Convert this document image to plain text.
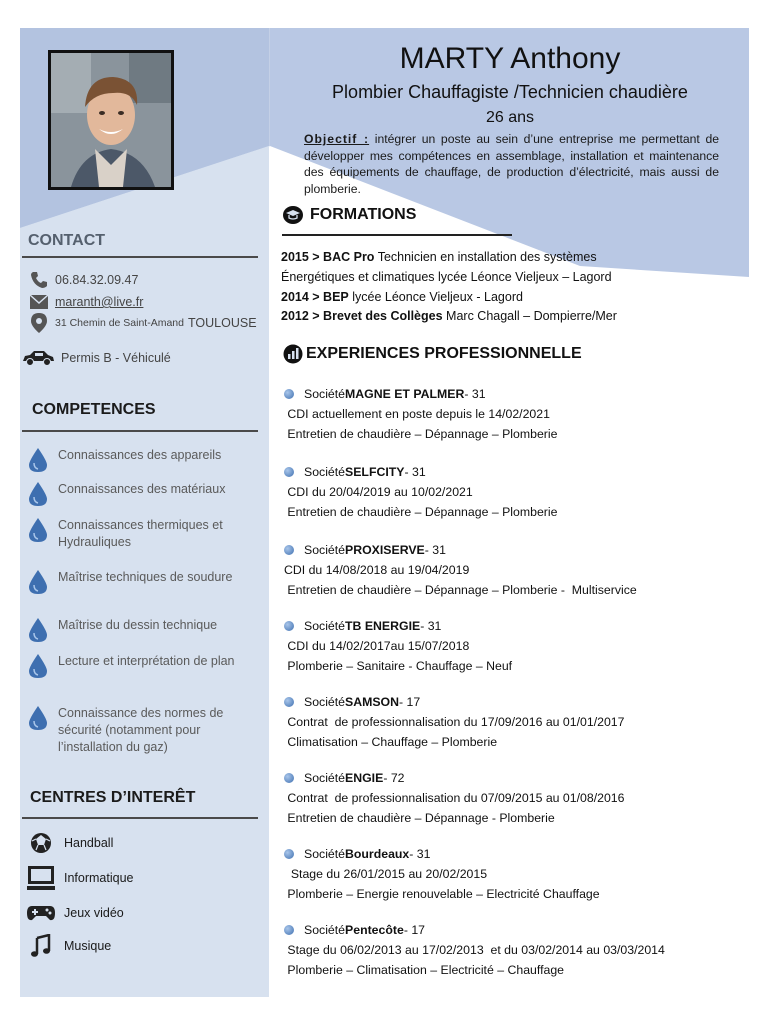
CONTACT
06.84.32.09.47
maranth@live.fr
31 Chemin de Saint-Amand TOULOUSE
Permis B - Véhiculé
COMPETENCES
Connaissances des appareils
Connaissances des matériaux
Connaissances thermiques et Hydrauliques
Maîtrise techniques de soudure
Maîtrise du dessin technique
Lecture et interprétation de plan
Connaissance des normes de sécurité (notamment pour l’installation du gaz)
CENTRES D’INTERÊT
Handball
Informatique
Jeux vidéo
Musique
MARTY Anthony
Plombier Chauffagiste /Technicien chaudière
26 ans
Objectif : intégrer un poste au sein d’une entreprise me permettant de développer mes compétences en assemblage, installation et maintenance des équipements de chauffage, de production d’électricité, mais aussi de plomberie.
FORMATIONS
2015 > BAC Pro Technicien en installation des systèmes
Énergétiques et climatiques lycée Léonce Vieljeux – Lagord
2014 > BEP lycée Léonce Vieljeux - Lagord
2012 > Brevet des Collèges Marc Chagall – Dompierre/Mer
EXPERIENCES PROFESSIONNELLE
Société MAGNE ET PALMER - 31
CDI actuellement en poste depuis le 14/02/2021
Entretien de chaudière – Dépannage – Plomberie
Société SELFCITY - 31
CDI du 20/04/2019 au 10/02/2021
Entretien de chaudière – Dépannage – Plomberie
Société PROXISERVE - 31
CDI du 14/08/2018 au 19/04/2019
Entretien de chaudière – Dépannage – Plomberie -  Multiservice
Société TB ENERGIE - 31
CDI du 14/02/2017au 15/07/2018
Plomberie – Sanitaire - Chauffage – Neuf
Société SAMSON - 17
Contrat  de professionnalisation du 17/09/2016 au 01/01/2017
Climatisation – Chauffage – Plomberie
Société ENGIE - 72
Contrat  de professionnalisation du 07/09/2015 au 01/08/2016
Entretien de chaudière – Dépannage - Plomberie
Société Bourdeaux - 31
Stage du 26/01/2015 au 20/02/2015
Plomberie – Energie renouvelable – Electricité Chauffage
Société Pentecôte - 17
Stage du 06/02/2013 au 17/02/2013  et du 03/02/2014 au 03/03/2014
Plomberie – Climatisation – Electricité – Chauffage
